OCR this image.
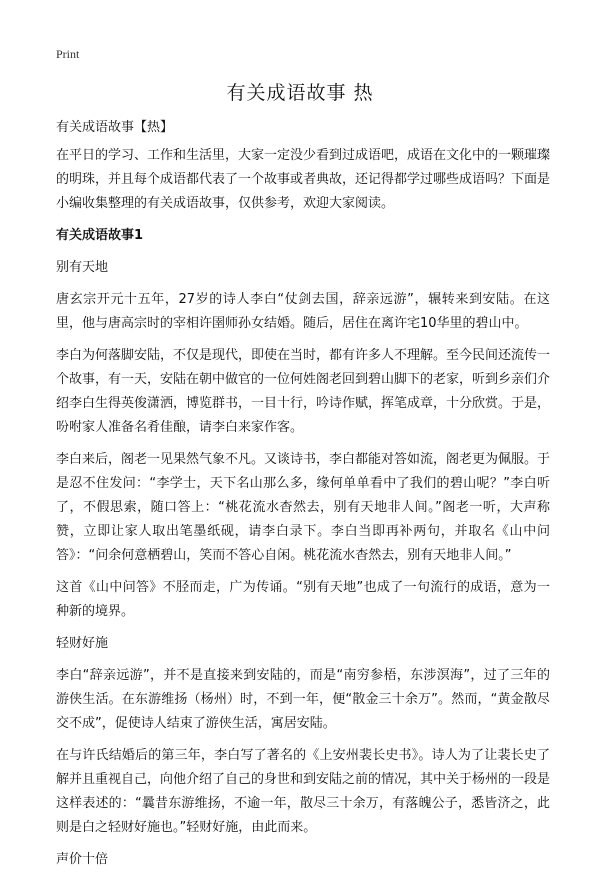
Print
有关成语故事 热

有关成语故事【热】

在平日的学习、工作和生活里，大家一定没少看到过成语吧，成语在文化中的一颗璀璨的明珠，并且每个成语都代表了一个故事或者典故，还记得都学过哪些成语吗？下面是小编收集整理的有关成语故事，仅供参考，欢迎大家阅读。

有关成语故事1

别有天地

唐玄宗开元十五年，27岁的诗人李白“仗剑去国，辞亲远游”，辗转来到安陆。在这里，他与唐高宗时的宰相许圉师孙女结婚。随后，居住在离许宅10华里的碧山中。

李白为何落脚安陆，不仅是现代，即使在当时，都有许多人不理解。至今民间还流传一个故事，有一天，安陆在朝中做官的一位何姓阁老回到碧山脚下的老家，听到乡亲们介绍李白生得英俊潇洒，博览群书，一目十行，吟诗作赋，挥笔成章，十分欣赏。于是，吩咐家人准备名肴佳酿，请李白来家作客。

李白来后，阁老一见果然气象不凡。又谈诗书，李白都能对答如流，阁老更为佩服。于是忍不住发问：“李学士，天下名山那么多，缘何单单看中了我们的碧山呢？”李白听了，不假思索，随口答上：“桃花流水杳然去，别有天地非人间。”阁老一听，大声称赞，立即让家人取出笔墨纸砚，请李白录下。李白当即再补两句，并取名《山中问答》：“问余何意栖碧山，笑而不答心自闲。桃花流水杳然去，别有天地非人间。”

这首《山中问答》不胫而走，广为传诵。“别有天地”也成了一句流行的成语，意为一种新的境界。

轻财好施

李白“辞亲远游”，并不是直接来到安陆的，而是“南穷参梧，东涉溟海”，过了三年的游侠生活。在东游维扬（杨州）时，不到一年，便“散金三十余万”。然而，“黄金散尽交不成”，促使诗人结束了游侠生活，寓居安陆。

在与许氏结婚后的第三年，李白写了著名的《上安州裴长史书》。诗人为了让裴长史了解并且重视自己，向他介绍了自己的身世和到安陆之前的情况，其中关于杨州的一段是这样表述的：“曩昔东游维扬，不逾一年，散尽三十余万，有落魄公子，悉皆济之，此则是白之轻财好施也。”轻财好施，由此而来。

声价十倍
